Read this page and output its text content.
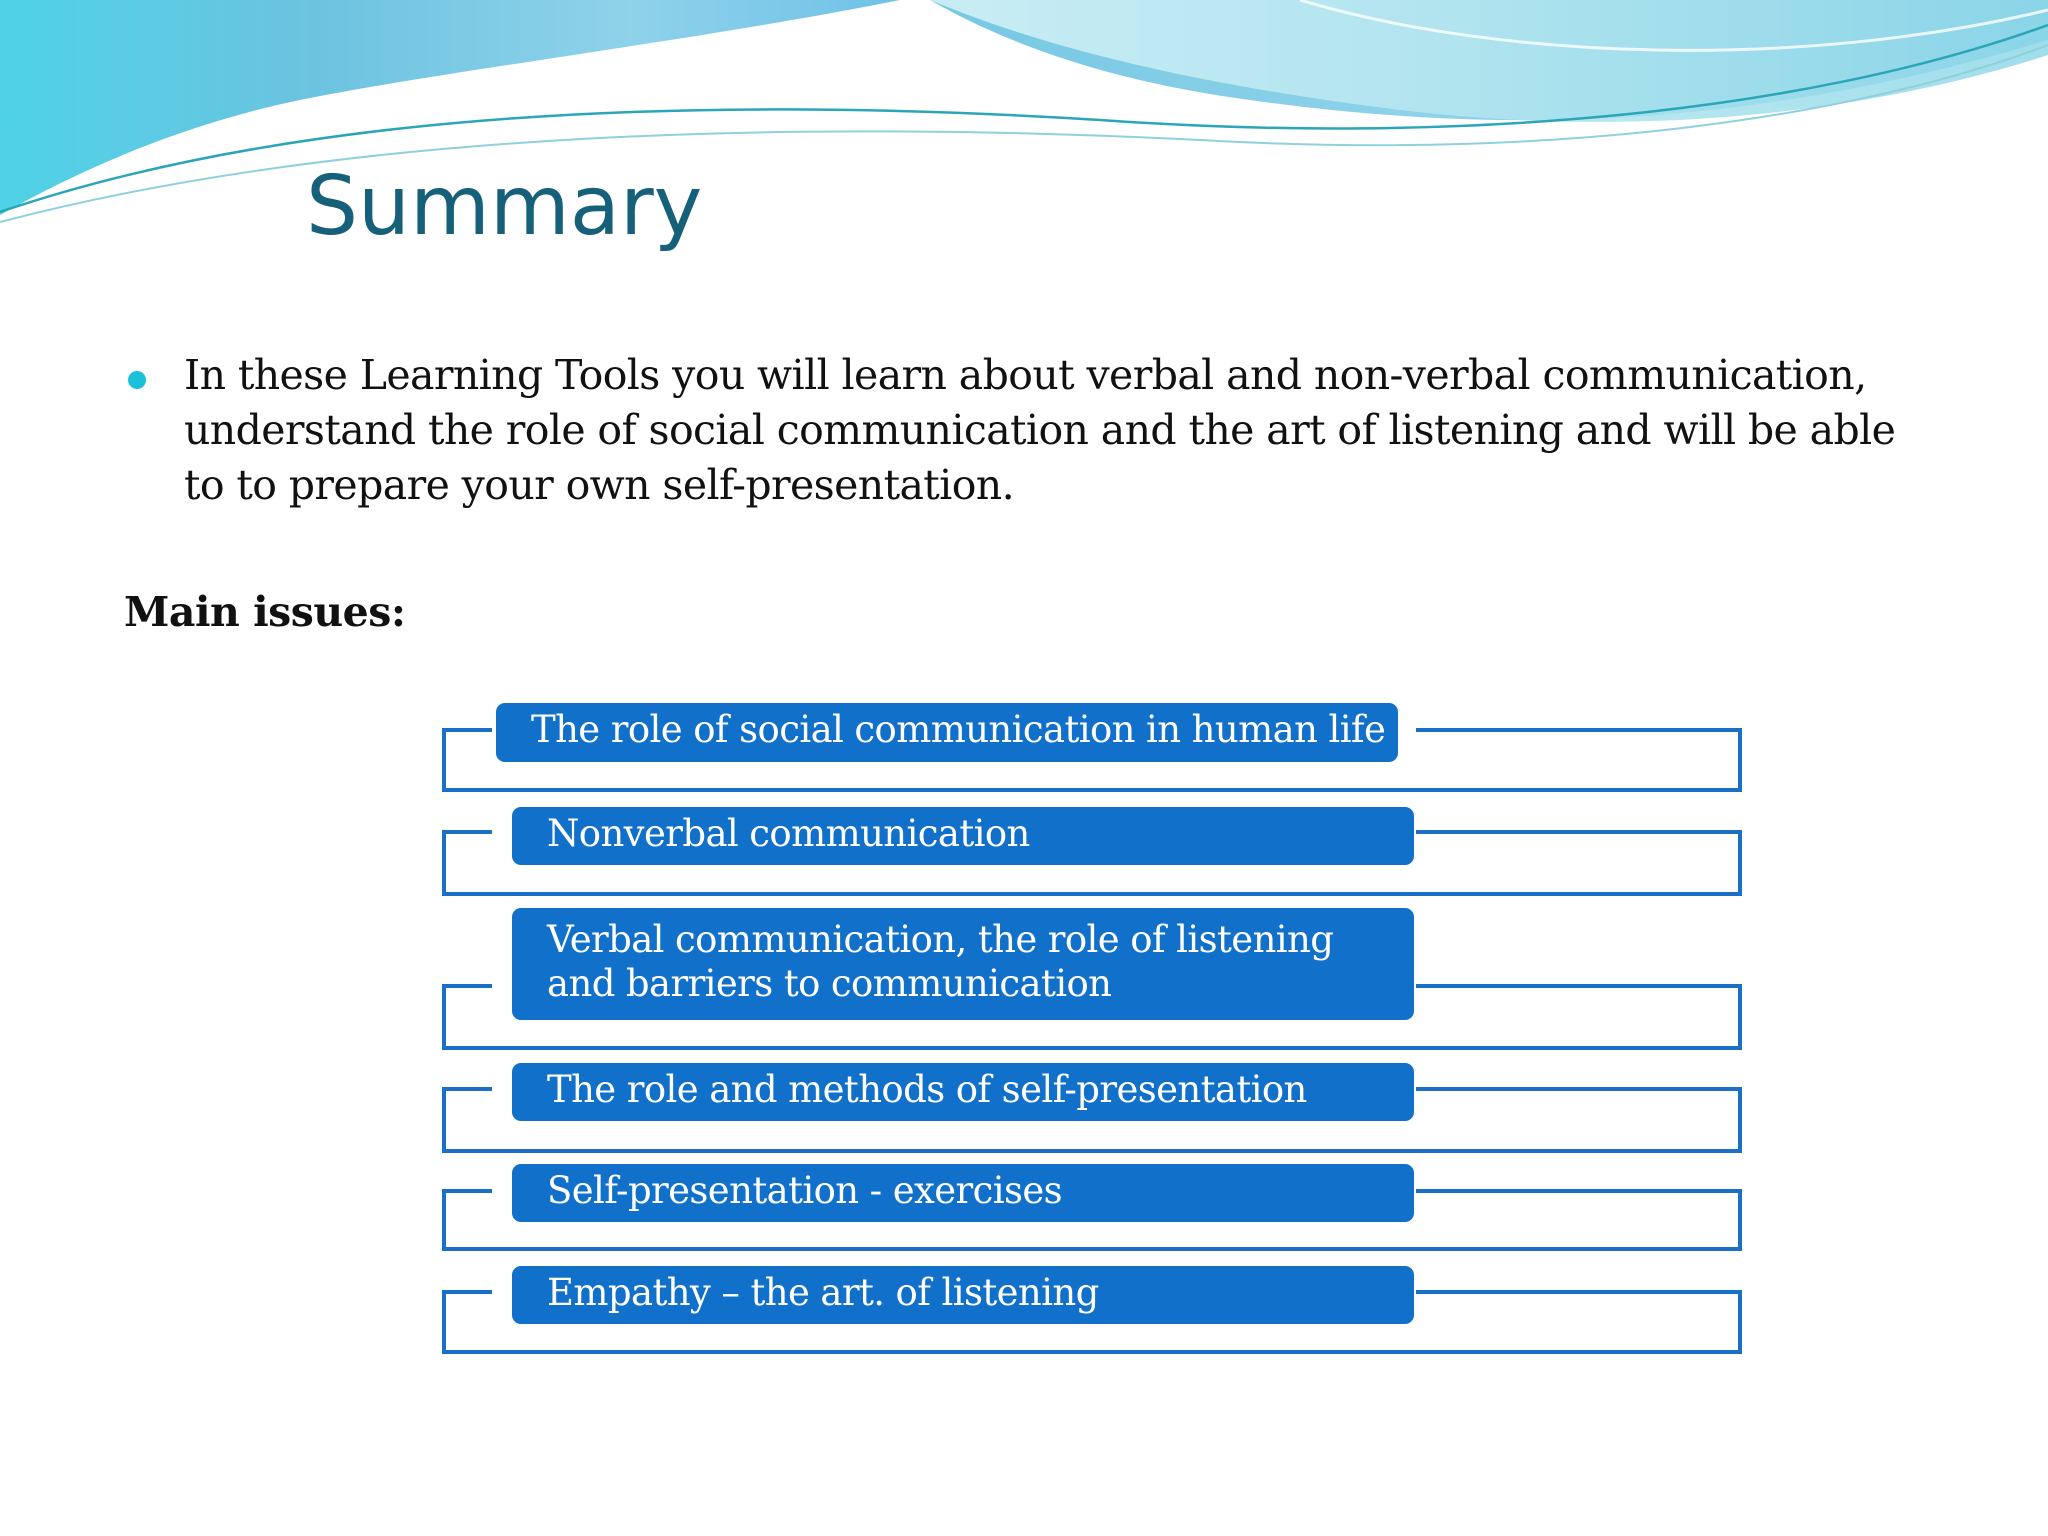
Summary

In these Learning Tools you will learn about verbal and non-verbal communication, understand the role of social communication and the art of listening and will be able to to prepare your own self-presentation.

Main issues:
The role of social communication in human life
Nonverbal communication
Verbal communication, the role of listening and barriers to communication
The role and methods of self-presentation
Self-presentation - exercises
Empathy – the art. of listening
